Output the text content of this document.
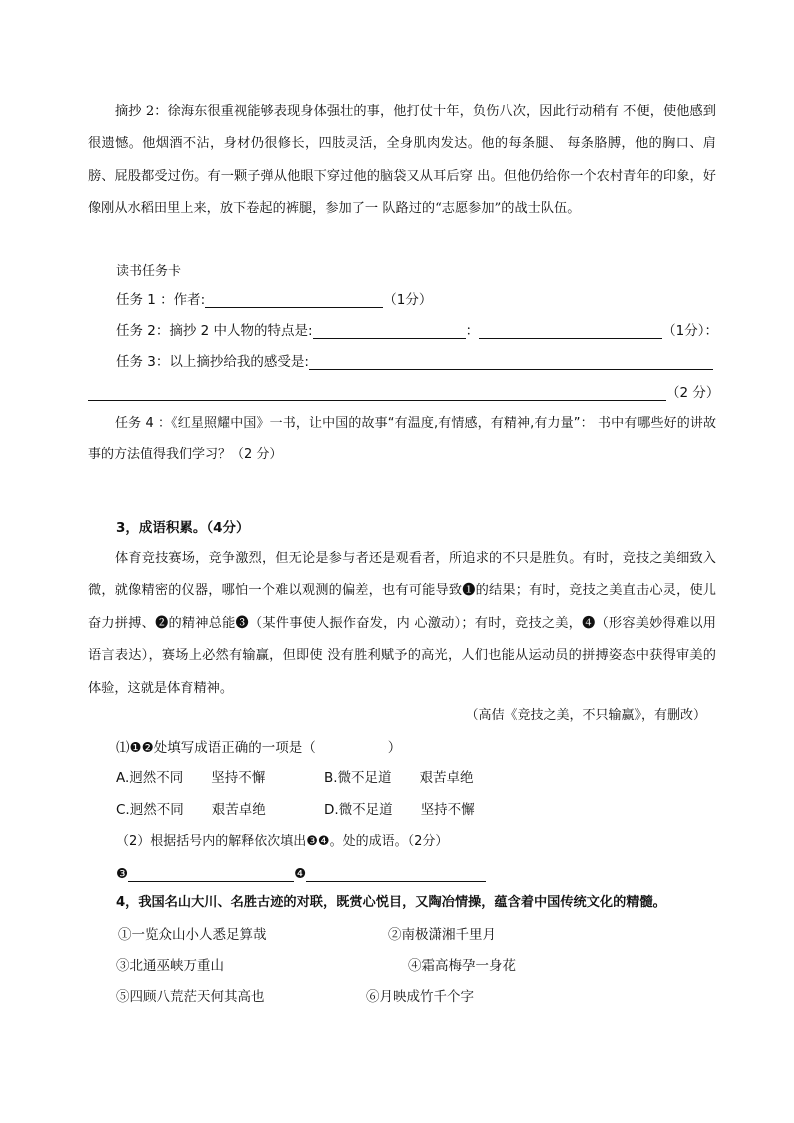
摘抄 2：徐海东很重视能够表现身体强壮的事，他打仗十年，负伤八次，因此行动稍有 不便，使他感到很遗憾。他烟酒不沾，身材仍很修长，四肢灵活，全身肌肉发达。他的每条腿、 每条胳膊，他的胸口、肩膀、屁股都受过伤。有一颗子弹从他眼下穿过他的脑袋又从耳后穿 出。但他仍给你一个农村青年的印象，好像刚从水稻田里上来，放下卷起的裤腿，参加了一 队路过的“志愿参加”的战士队伍。

读书任务卡

任务 1 ：作者:	（1分）
任务 2：摘抄 2 中人物的特点是:	：	（1分）：
任务 3：以上摘抄给我的感受是:
（2 分）

任务 4 ：《红星照耀中国》一书，让中国的故事“有温度,有情感，有精神,有力量”： 书中有哪些好的讲故事的方法值得我们学习？（2 分）

3，成语积累。（4分）

体育竞技赛场，竞争激烈，但无论是参与者还是观看者，所追求的不只是胜负。有时，竞技之美细致入微，就像精密的仪器，哪怕一个难以观测的偏差，也有可能导致❶的结果；有时，竞技之美直击心灵，使儿奋力拼搏、❷的精神总能❸（某件事使人振作奋发，内 心激动）；有时，竞技之美，❹（形容美妙得难以用语言表达），赛场上必然有输赢，但即使 没有胜利赋予的高光，人们也能从运动员的拼搏姿态中获得审美的体验，这就是体育精神。

（高佶《竞技之美，不只输赢》，有删改）
⑴❶❷处填写成语正确的一项是（	）
A.迥然不同 坚持不懈	B.微不足道 艰苦卓绝
C.迥然不同 艰苦卓绝	D.微不足道 坚持不懈

（2）根据括号内的解释依次填出❸❹。处的成语。（2分）

❸	❹

4，我国名山大川、名胜古迹的对联，既赏心悦目，又陶冶情操，蕴含着中国传统文化的精髓。

①一览众山小人悉足算哉	②南极潇湘千里月

③北通巫峡万重山	④霜高梅孕一身花

⑤四顾八荒茫天何其高也	⑥月映成竹千个字
